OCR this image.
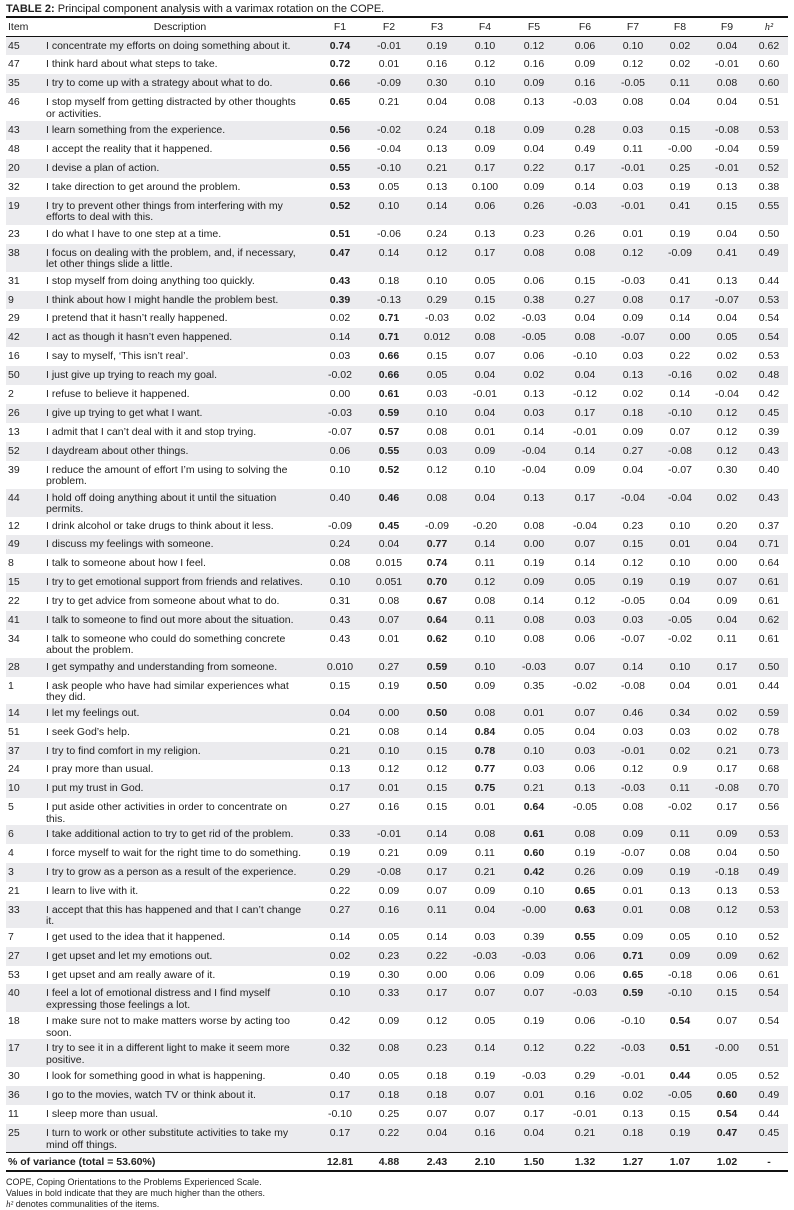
TABLE 2: Principal component analysis with a varimax rotation on the COPE.
Item	Description	F1	F2	F3	F4	F5	F6	F7	F8	F9	h²
45	I concentrate my efforts on doing something about it.	0.74	-0.01	0.19	0.10	0.12	0.06	0.10	0.02	0.04	0.62
47	I think hard about what steps to take.	0.72	0.01	0.16	0.12	0.16	0.09	0.12	0.02	-0.01	0.60
35	I try to come up with a strategy about what to do.	0.66	-0.09	0.30	0.10	0.09	0.16	-0.05	0.11	0.08	0.60
46	I stop myself from getting distracted by other thoughts or activities.	0.65	0.21	0.04	0.08	0.13	-0.03	0.08	0.04	0.04	0.51
43	I learn something from the experience.	0.56	-0.02	0.24	0.18	0.09	0.28	0.03	0.15	-0.08	0.53
48	I accept the reality that it happened.	0.56	-0.04	0.13	0.09	0.04	0.49	0.11	-0.00	-0.04	0.59
20	I devise a plan of action.	0.55	-0.10	0.21	0.17	0.22	0.17	-0.01	0.25	-0.01	0.52
32	I take direction to get around the problem.	0.53	0.05	0.13	0.100	0.09	0.14	0.03	0.19	0.13	0.38
19	I try to prevent other things from interfering with my efforts to deal with this.	0.52	0.10	0.14	0.06	0.26	-0.03	-0.01	0.41	0.15	0.55
23	I do what I have to one step at a time.	0.51	-0.06	0.24	0.13	0.23	0.26	0.01	0.19	0.04	0.50
38	I focus on dealing with the problem, and, if necessary, let other things slide a little.	0.47	0.14	0.12	0.17	0.08	0.08	0.12	-0.09	0.41	0.49
31	I stop myself from doing anything too quickly.	0.43	0.18	0.10	0.05	0.06	0.15	-0.03	0.41	0.13	0.44
9	I think about how I might handle the problem best.	0.39	-0.13	0.29	0.15	0.38	0.27	0.08	0.17	-0.07	0.53
29	I pretend that it hasn’t really happened.	0.02	0.71	-0.03	0.02	-0.03	0.04	0.09	0.14	0.04	0.54
42	I act as though it hasn’t even happened.	0.14	0.71	0.012	0.08	-0.05	0.08	-0.07	0.00	0.05	0.54
16	I say to myself, ‘This isn’t real’.	0.03	0.66	0.15	0.07	0.06	-0.10	0.03	0.22	0.02	0.53
50	I just give up trying to reach my goal.	-0.02	0.66	0.05	0.04	0.02	0.04	0.13	-0.16	0.02	0.48
2	I refuse to believe it happened.	0.00	0.61	0.03	-0.01	0.13	-0.12	0.02	0.14	-0.04	0.42
26	I give up trying to get what I want.	-0.03	0.59	0.10	0.04	0.03	0.17	0.18	-0.10	0.12	0.45
13	I admit that I can’t deal with it and stop trying.	-0.07	0.57	0.08	0.01	0.14	-0.01	0.09	0.07	0.12	0.39
52	I daydream about other things.	0.06	0.55	0.03	0.09	-0.04	0.14	0.27	-0.08	0.12	0.43
39	I reduce the amount of effort I’m using to solving the problem.	0.10	0.52	0.12	0.10	-0.04	0.09	0.04	-0.07	0.30	0.40
44	I hold off doing anything about it until the situation permits.	0.40	0.46	0.08	0.04	0.13	0.17	-0.04	-0.04	0.02	0.43
12	I drink alcohol or take drugs to think about it less.	-0.09	0.45	-0.09	-0.20	0.08	-0.04	0.23	0.10	0.20	0.37
49	I discuss my feelings with someone.	0.24	0.04	0.77	0.14	0.00	0.07	0.15	0.01	0.04	0.71
8	I talk to someone about how I feel.	0.08	0.015	0.74	0.11	0.19	0.14	0.12	0.10	0.00	0.64
15	I try to get emotional support from friends and relatives.	0.10	0.051	0.70	0.12	0.09	0.05	0.19	0.19	0.07	0.61
22	I try to get advice from someone about what to do.	0.31	0.08	0.67	0.08	0.14	0.12	-0.05	0.04	0.09	0.61
41	I talk to someone to find out more about the situation.	0.43	0.07	0.64	0.11	0.08	0.03	0.03	-0.05	0.04	0.62
34	I talk to someone who could do something concrete about the problem.	0.43	0.01	0.62	0.10	0.08	0.06	-0.07	-0.02	0.11	0.61
28	I get sympathy and understanding from someone.	0.010	0.27	0.59	0.10	-0.03	0.07	0.14	0.10	0.17	0.50
1	I ask people who have had similar experiences what they did.	0.15	0.19	0.50	0.09	0.35	-0.02	-0.08	0.04	0.01	0.44
14	I let my feelings out.	0.04	0.00	0.50	0.08	0.01	0.07	0.46	0.34	0.02	0.59
51	I seek God’s help.	0.21	0.08	0.14	0.84	0.05	0.04	0.03	0.03	0.02	0.78
37	I try to find comfort in my religion.	0.21	0.10	0.15	0.78	0.10	0.03	-0.01	0.02	0.21	0.73
24	I pray more than usual.	0.13	0.12	0.12	0.77	0.03	0.06	0.12	0.9	0.17	0.68
10	I put my trust in God.	0.17	0.01	0.15	0.75	0.21	0.13	-0.03	0.11	-0.08	0.70
5	I put aside other activities in order to concentrate on this.	0.27	0.16	0.15	0.01	0.64	-0.05	0.08	-0.02	0.17	0.56
6	I take additional action to try to get rid of the problem.	0.33	-0.01	0.14	0.08	0.61	0.08	0.09	0.11	0.09	0.53
4	I force myself to wait for the right time to do something.	0.19	0.21	0.09	0.11	0.60	0.19	-0.07	0.08	0.04	0.50
3	I try to grow as a person as a result of the experience.	0.29	-0.08	0.17	0.21	0.42	0.26	0.09	0.19	-0.18	0.49
21	I learn to live with it.	0.22	0.09	0.07	0.09	0.10	0.65	0.01	0.13	0.13	0.53
33	I accept that this has happened and that I can’t change it.	0.27	0.16	0.11	0.04	-0.00	0.63	0.01	0.08	0.12	0.53
7	I get used to the idea that it happened.	0.14	0.05	0.14	0.03	0.39	0.55	0.09	0.05	0.10	0.52
27	I get upset and let my emotions out.	0.02	0.23	0.22	-0.03	-0.03	0.06	0.71	0.09	0.09	0.62
53	I get upset and am really aware of it.	0.19	0.30	0.00	0.06	0.09	0.06	0.65	-0.18	0.06	0.61
40	I feel a lot of emotional distress and I find myself expressing those feelings a lot.	0.10	0.33	0.17	0.07	0.07	-0.03	0.59	-0.10	0.15	0.54
18	I make sure not to make matters worse by acting too soon.	0.42	0.09	0.12	0.05	0.19	0.06	-0.10	0.54	0.07	0.54
17	I try to see it in a different light to make it seem more positive.	0.32	0.08	0.23	0.14	0.12	0.22	-0.03	0.51	-0.00	0.51
30	I look for something good in what is happening.	0.40	0.05	0.18	0.19	-0.03	0.29	-0.01	0.44	0.05	0.52
36	I go to the movies, watch TV or think about it.	0.17	0.18	0.18	0.07	0.01	0.16	0.02	-0.05	0.60	0.49
11	I sleep more than usual.	-0.10	0.25	0.07	0.07	0.17	-0.01	0.13	0.15	0.54	0.44
25	I turn to work or other substitute activities to take my mind off things.	0.17	0.22	0.04	0.16	0.04	0.21	0.18	0.19	0.47	0.45
% of variance (total = 53.60%)		12.81	4.88	2.43	2.10	1.50	1.32	1.27	1.07	1.02	-
COPE, Coping Orientations to the Problems Experienced Scale.
Values in bold indicate that they are much higher than the others.
h² denotes communalities of the items.
